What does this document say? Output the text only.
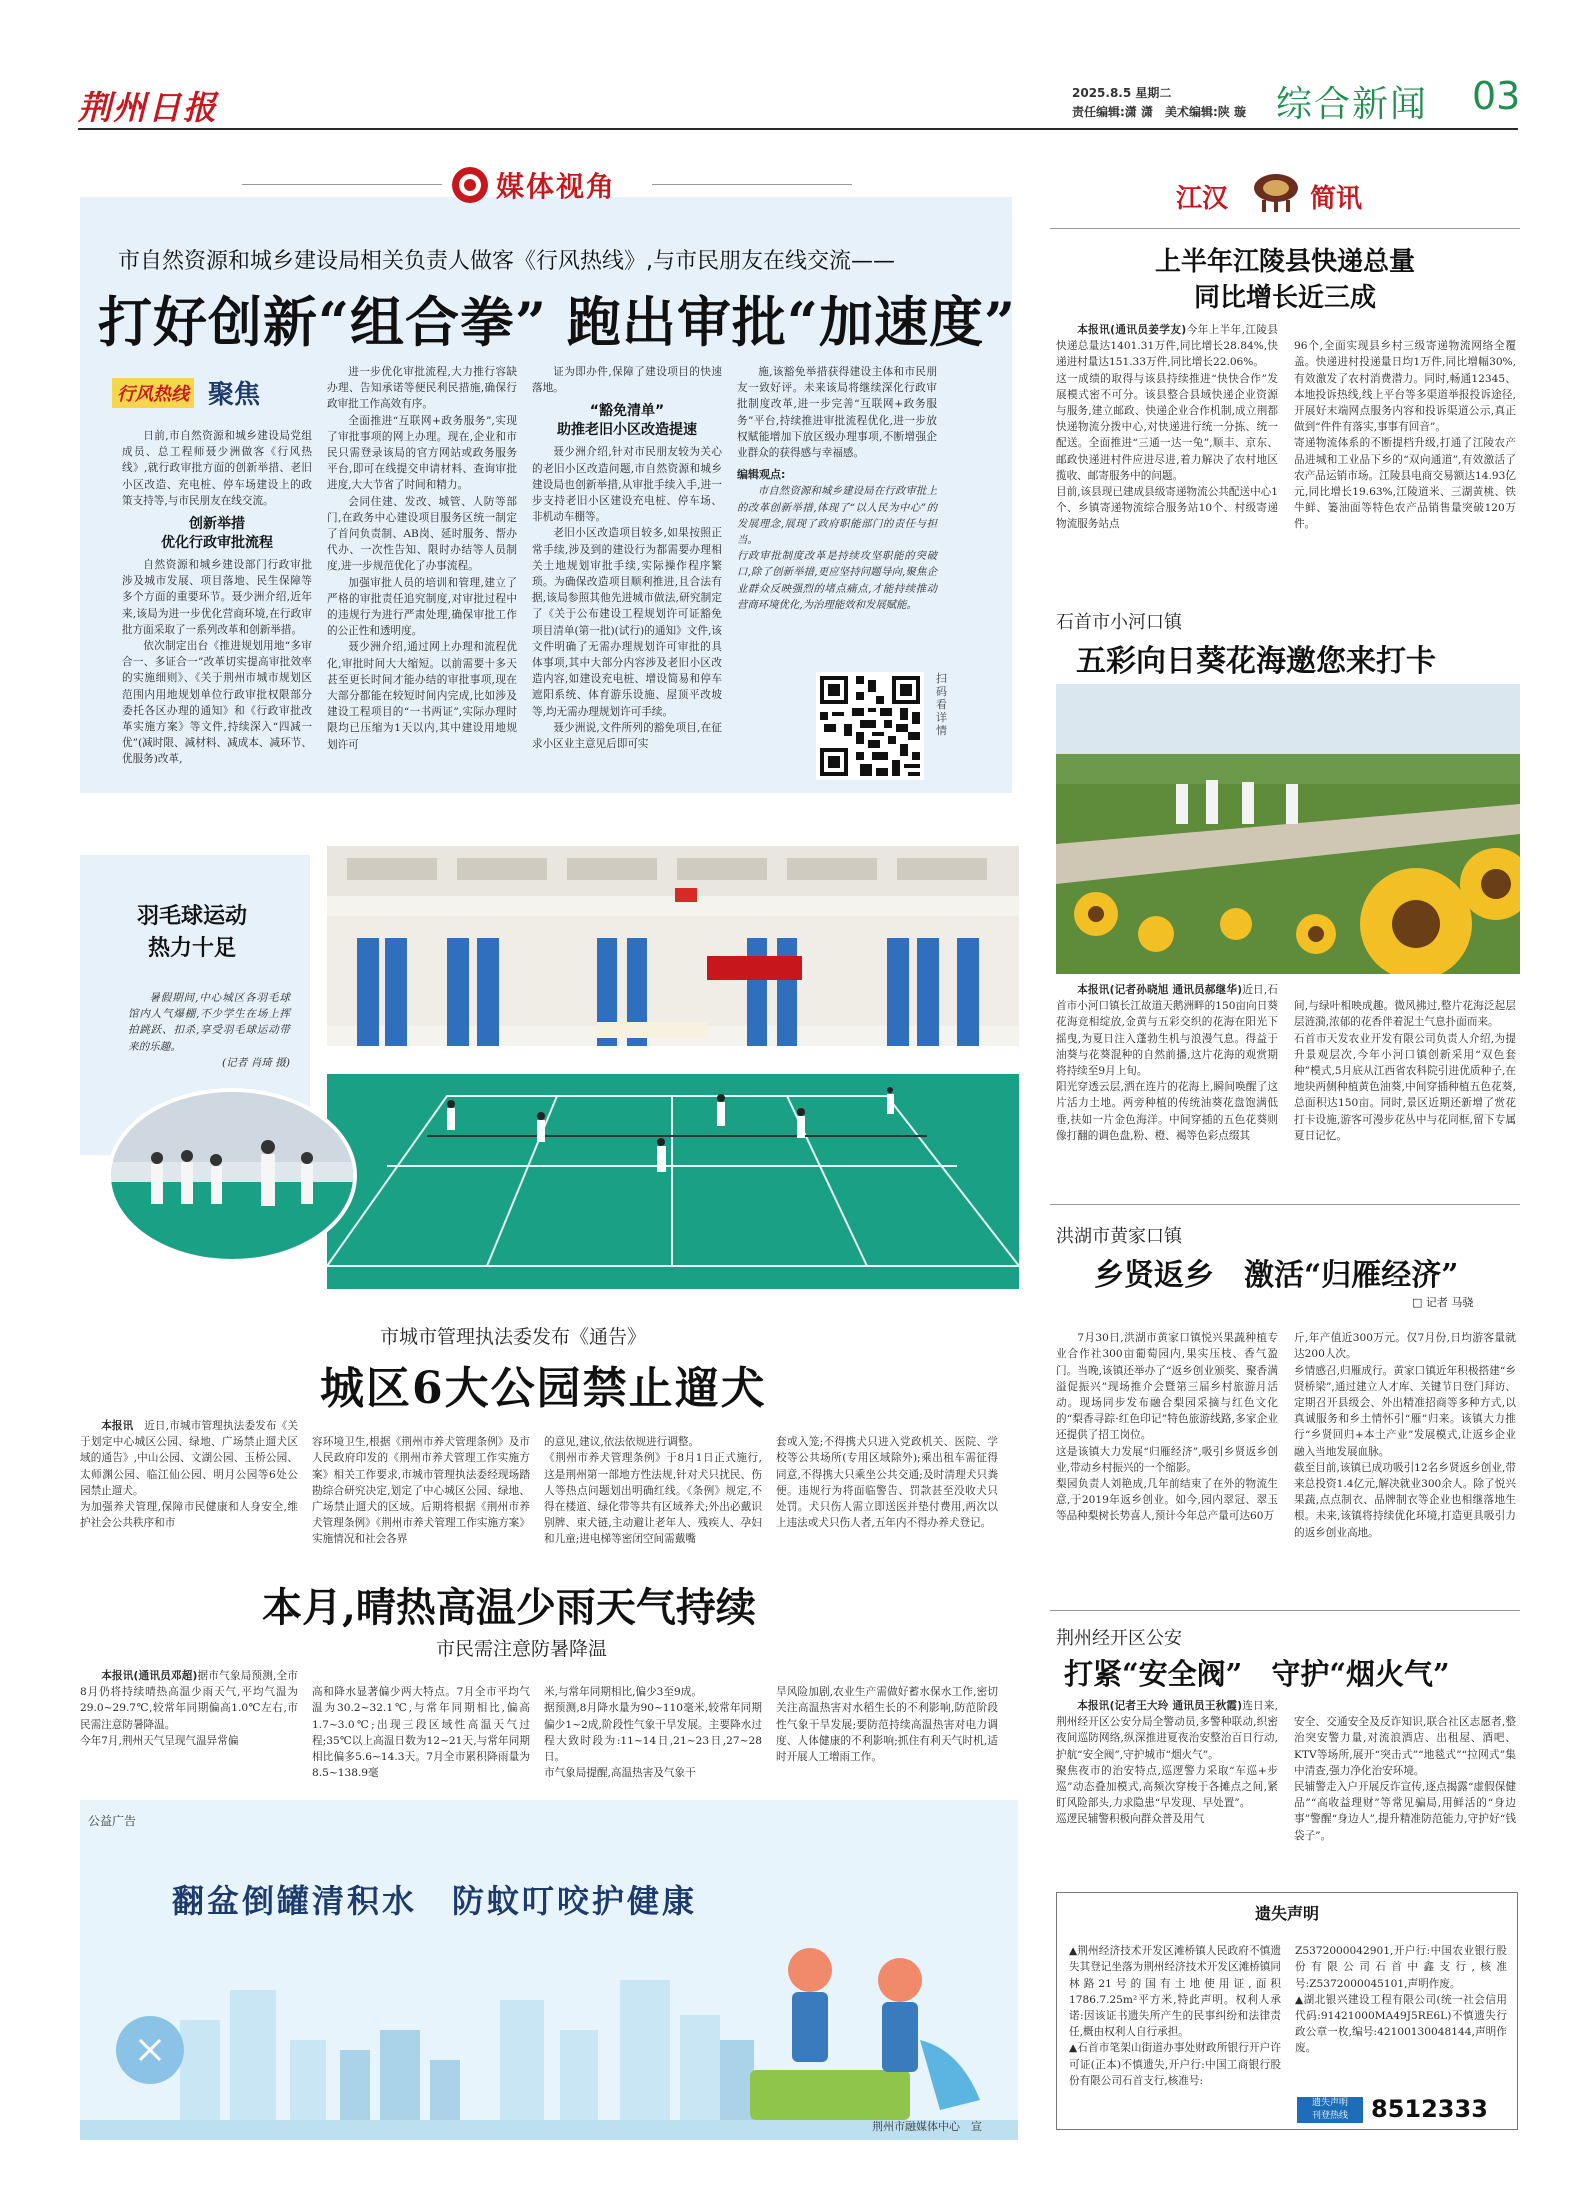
荆州日报	2025.8.5 星期二
责任编辑:潇 潇　美术编辑:陕 璇 综合新闻 03
媒体视角
市自然资源和城乡建设局相关负责人做客《行风热线》,与市民朋友在线交流——
打好创新“组合拳” 跑出审批“加速度”
行风热线 聚焦

日前,市自然资源和城乡建设局党组成员、总工程师聂少洲做客《行风热线》,就行政审批方面的创新举措、老旧小区改造、充电桩、停车场建设上的政策支持等,与市民朋友在线交流。

创新举措
优化行政审批流程

自然资源和城乡建设部门行政审批涉及城市发展、项目落地、民生保障等多个方面的重要环节。聂少洲介绍,近年来,该局为进一步优化营商环境,在行政审批方面采取了一系列改革和创新举措。

依次制定出台《推进规划用地“多审合一、多证合一”改革切实提高审批效率的实施细则》、《关于荆州市城市规划区范围内用地规划单位行政审批权限部分委托各区办理的通知》和《行政审批改革实施方案》等文件,持续深入“四减一优”(减时限、减材料、减成本、减环节、优服务)改革,

进一步优化审批流程,大力推行容缺办理、告知承诺等便民利民措施,确保行政审批工作高效有序。

全面推进“互联网+政务服务”,实现了审批事项的网上办理。现在,企业和市民只需登录该局的官方网站或政务服务平台,即可在线提交申请材料、查询审批进度,大大节省了时间和精力。

会同住建、发改、城管、人防等部门,在政务中心建设项目服务区统一制定了首问负责制、AB岗、延时服务、帮办代办、一次性告知、限时办结等人员制度,进一步规范优化了办事流程。

加强审批人员的培训和管理,建立了严格的审批责任追究制度,对审批过程中的违规行为进行严肃处理,确保审批工作的公正性和透明度。

聂少洲介绍,通过网上办理和流程优化,审批时间大大缩短。以前需要十多天甚至更长时间才能办结的审批事项,现在大部分都能在较短时间内完成,比如涉及建设工程项目的“一书两证”,实际办理时限均已压缩为1天以内,其中建设用地规划许可

证为即办件,保障了建设项目的快速落地。

“豁免清单”
助推老旧小区改造提速

聂少洲介绍,针对市民朋友较为关心的老旧小区改造问题,市自然资源和城乡建设局也创新举措,从审批手续入手,进一步支持老旧小区建设充电桩、停车场、非机动车棚等。

老旧小区改造项目较多,如果按照正常手续,涉及到的建设行为都需要办理相关土地规划审批手续,实际操作程序繁琐。为确保改造项目顺利推进,且合法有据,该局参照其他先进城市做法,研究制定了《关于公布建设工程规划许可证豁免项目清单(第一批)(试行)的通知》文件,该文件明确了无需办理规划许可审批的具体事项,其中大部分内容涉及老旧小区改造内容,如建设充电桩、增设简易和停车遮阳系统、体育游乐设施、屋顶平改坡等,均无需办理规划许可手续。

聂少洲说,文件所列的豁免项目,在征求小区业主意见后即可实

施,该豁免举措获得建设主体和市民朋友一致好评。未来该局将继续深化行政审批制度改革,进一步完善“互联网+政务服务”平台,持续推进审批流程优化,进一步放权赋能增加下放区级办理事项,不断增强企业群众的获得感与幸福感。

编辑观点:
市自然资源和城乡建设局在行政审批上的改革创新举措,体现了“以人民为中心”的发展理念,展现了政府职能部门的责任与担当。
行政审批制度改革是持续攻坚职能的突破口,除了创新举措,更应坚持问题导向,聚焦企业群众反映强烈的堵点痛点,才能持续推动营商环境优化,为治理能效和发展赋能。
扫码看详情
羽毛球运动
热力十足

暑假期间,中心城区各羽毛球馆内人气爆棚,不少学生在场上挥拍跳跃、扣杀,享受羽毛球运动带来的乐趣。

(记者 肖琦 摄)
市城市管理执法委发布《通告》
城区6大公园禁止遛犬
本报讯　 近日,市城市管理执法委发布《关于划定中心城区公园、绿地、广场禁止遛犬区域的通告》,中山公园、文湖公园、玉桥公园、太师渊公园、临江仙公园、明月公园等6处公园禁止遛犬。
为加强养犬管理,保障市民健康和人身安全,维护社会公共秩序和市

容环境卫生,根据《荆州市养犬管理条例》及市人民政府印发的《荆州市养犬管理工作实施方案》相关工作要求,市城市管理执法委经现场踏勘综合研究决定,划定了中心城区公园、绿地、广场禁止遛犬的区域。后期将根据《荆州市养犬管理条例》《荆州市养犬管理工作实施方案》实施情况和社会各界

的意见,建议,依法依规进行调整。
《荆州市养犬管理条例》于8月1日正式施行,这是荆州第一部地方性法规,针对犬只扰民、伤人等热点问题划出明确红线。《条例》规定,不得在楼道、绿化带等共有区域养犬;外出必戴识别牌、束犬链,主动避让老年人、残疾人、孕妇和儿童;进电梯等密闭空间需戴嘴

套或入笼;不得携犬只进入党政机关、医院、学校等公共场所(专用区域除外);乘出租车需征得同意,不得携大只乘坐公共交通;及时清理犬只粪便。违规行为将面临警告、罚款甚至没收犬只处罚。犬只伤人需立即送医并垫付费用,两次以上违法或犬只伤人者,五年内不得办养犬登记。

本月,晴热高温少雨天气持续
市民需注意防暑降温
本报讯(通讯员邓超)据市气象局预测,全市8月仍将持续晴热高温少雨天气,平均气温为29.0~29.7℃,较常年同期偏高1.0℃左右,市民需注意防暑降温。
今年7月,荆州天气呈现气温异常偏

高和降水显著偏少两大特点。7月全市平均气温为30.2~32.1℃,与常年同期相比,偏高1.7~3.0℃;出现三段区域性高温天气过程;35℃以上高温日数为12~21天,与常年同期相比偏多5.6~14.3天。7月全市累积降雨量为8.5~138.9毫

米,与常年同期相比,偏少3至9成。
据预测,8月降水量为90~110毫米,较常年同期偏少1~2成,阶段性气象干旱发展。主要降水过程大致时段为:11~14日,21~23日,27~28日。
市气象局提醒,高温热害及气象干

旱风险加剧,农业生产需做好蓄水保水工作,密切关注高温热害对水稻生长的不利影响,防范阶段性气象干旱发展;要防范持续高温热害对电力调度、人体健康的不利影响;抓住有利天气时机,适时开展人工增雨工作。

公益广告
翻盆倒罐清积水　防蚊叮咬护健康
荆州市融媒体中心　宣
江汉	简讯
上半年江陵县快递总量
同比增长近三成
本报讯(通讯员姜学友)今年上半年,江陵县快递总量达1401.31万件,同比增长28.84%,快递进村量达151.33万件,同比增长22.06%。
这一成绩的取得与该县持续推进“快快合作”发展模式密不可分。该县整合县域快递企业资源与服务,建立邮政、快递企业合作机制,成立荆都快递物流分拨中心,对快递进行统一分拣、统一配送。全面推进“三通一达一兔”,顺丰、京东、邮政快递进村件应进尽进,着力解决了农村地区揽收、邮寄服务中的问题。
目前,该县现已建成县级寄递物流公共配送中心1个、乡镇寄递物流综合服务站10个、村级寄递物流服务站点

96个,全面实现县乡村三级寄递物流网络全覆盖。快递进村投递量日均1万件,同比增幅30%,有效激发了农村消费潜力。同时,畅通12345、本地投诉热线,线上平台等多渠道举报投诉途径,开展好末端网点服务内容和投诉渠道公示,真正做到“件件有落实,事事有回音”。
寄递物流体系的不断提档升级,打通了江陵农产品进城和工业品下乡的“双向通道”,有效激活了农产品运销市场。江陵县电商交易额达14.93亿元,同比增长19.63%,江陵道米、三湖黄桃、铁牛鲜、篓油面等特色农产品销售量突破120万件。

石首市小河口镇
五彩向日葵花海邀您来打卡
本报讯(记者孙晓旭 通讯员郝继华)近日,石首市小河口镇长江故道天鹅洲畔的150亩向日葵花海竞相绽放,金黄与五彩交织的花海在阳光下摇曳,为夏日注入蓬勃生机与浪漫气息。得益于油葵与花葵混种的自然前播,这片花海的观赏期将持续至9月上旬。
阳光穿透云层,洒在连片的花海上,瞬间唤醒了这片活力土地。两旁种植的传统油葵花盘饱满低垂,扶如一片金色海洋。中间穿插的五色花葵则像打翻的调色盘,粉、橙、褐等色彩点缀其

间,与绿叶相映成趣。微风拂过,整片花海泛起层层涟漪,浓郁的花香伴着泥土气息扑面而来。
石首市天发农业开发有限公司负责人介绍,为提升景观层次,今年小河口镇创新采用“双色套种”模式,5月底从江西省农科院引进优质种子,在地块两侧种植黄色油葵,中间穿插种植五色花葵,总面积达150亩。同时,景区近期还新增了赏花打卡设施,游客可漫步花丛中与花同框,留下专属夏日记忆。

洪湖市黄家口镇
乡贤返乡　激活“归雁经济”
□ 记者 马骁

7月30日,洪湖市黄家口镇悦兴果蔬种植专业合作社300亩葡萄园内,果实压枝、香气盈门。当晚,该镇还举办了“返乡创业颁奖、聚香满溢促振兴”现场推介会暨第三届乡村旅游月活动。现场同步发布融合梨园采摘与红色文化的“梨香寻踪·红色印记”特色旅游线路,多家企业还提供了招工岗位。
这是该镇大力发展“归雁经济”,吸引乡贤返乡创业,带动乡村振兴的一个缩影。
梨园负责人刘艳成,几年前结束了在外的物流生意,于2019年返乡创业。如今,园内翠冠、翠玉等品种梨树长势喜人,预计今年总产量可达60万

斤,年产值近300万元。仅7月份,日均游客量就达200人次。
乡情感召,归雁成行。黄家口镇近年积极搭建“乡贤桥梁”,通过建立人才库、关键节日登门拜访、定期召开县级会、外出精准招商等多种方式,以真诚服务和乡土情怀引“雁”归来。该镇大力推行“乡贤回归+本土产业”发展模式,让返乡企业融入当地发展血脉。
截至目前,该镇已成功吸引12名乡贤返乡创业,带来总投资1.4亿元,解决就业300余人。除了悦兴果蔬,点点制衣、品牌制衣等企业也相继落地生根。未来,该镇将持续优化环境,打造更具吸引力的返乡创业高地。

荆州经开区公安
打紧“安全阀”　守护“烟火气”
本报讯(记者王大玲 通讯员王秋霞)连日来,荆州经开区公安分局全警动员,多警种联动,织密夜间巡防网络,纵深推进夏夜治安整治百日行动,护航“安全阀”,守护城市“烟火气”。
聚焦夜市的治安特点,巡逻警力采取“车巡+步巡”动态叠加模式,高频次穿梭于各摊点之间,紧盯风险部头,力求隐患“早发现、早处置”。
巡逻民辅警积极向群众普及用气

安全、交通安全及反诈知识,联合社区志愿者,整治突安警力量,对流浪酒店、出租屋、酒吧、KTV等场所,展开“突击式”“地毯式”“拉网式”集中清查,强力净化治安环境。
民辅警走入户开展反诈宣传,逐点揭露“虚假保健品”“高收益理财”等常见骗局,用鲜活的“身边事”警醒“身边人”,提升精准防范能力,守护好“钱袋子”。

遗失声明

▲荆州经济技术开发区滩桥镇人民政府不慎遗失其登记坐落为荆州经济技术开发区滩桥镇同林路21号的国有土地使用证,面积1786.7.25m²平方米,特此声明。权利人承诺:因该证书遗失所产生的民事纠纷和法律责任,概由权利人自行承担。
▲石首市笔架山街道办事处财政所银行开户许可证(正本)不慎遗失,开户行:中国工商银行股份有限公司石首支行,核准号:

Z5372000042901,开户行:中国农业银行股份有限公司石首中鑫支行,核准号:Z5372000045101,声明作废。
▲湖北银兴建设工程有限公司(统一社会信用代码:91421000MA49J5RE6L)不慎遗失行政公章一枚,编号:42100130048144,声明作废。

遗失声明
刊登热线 8512333
